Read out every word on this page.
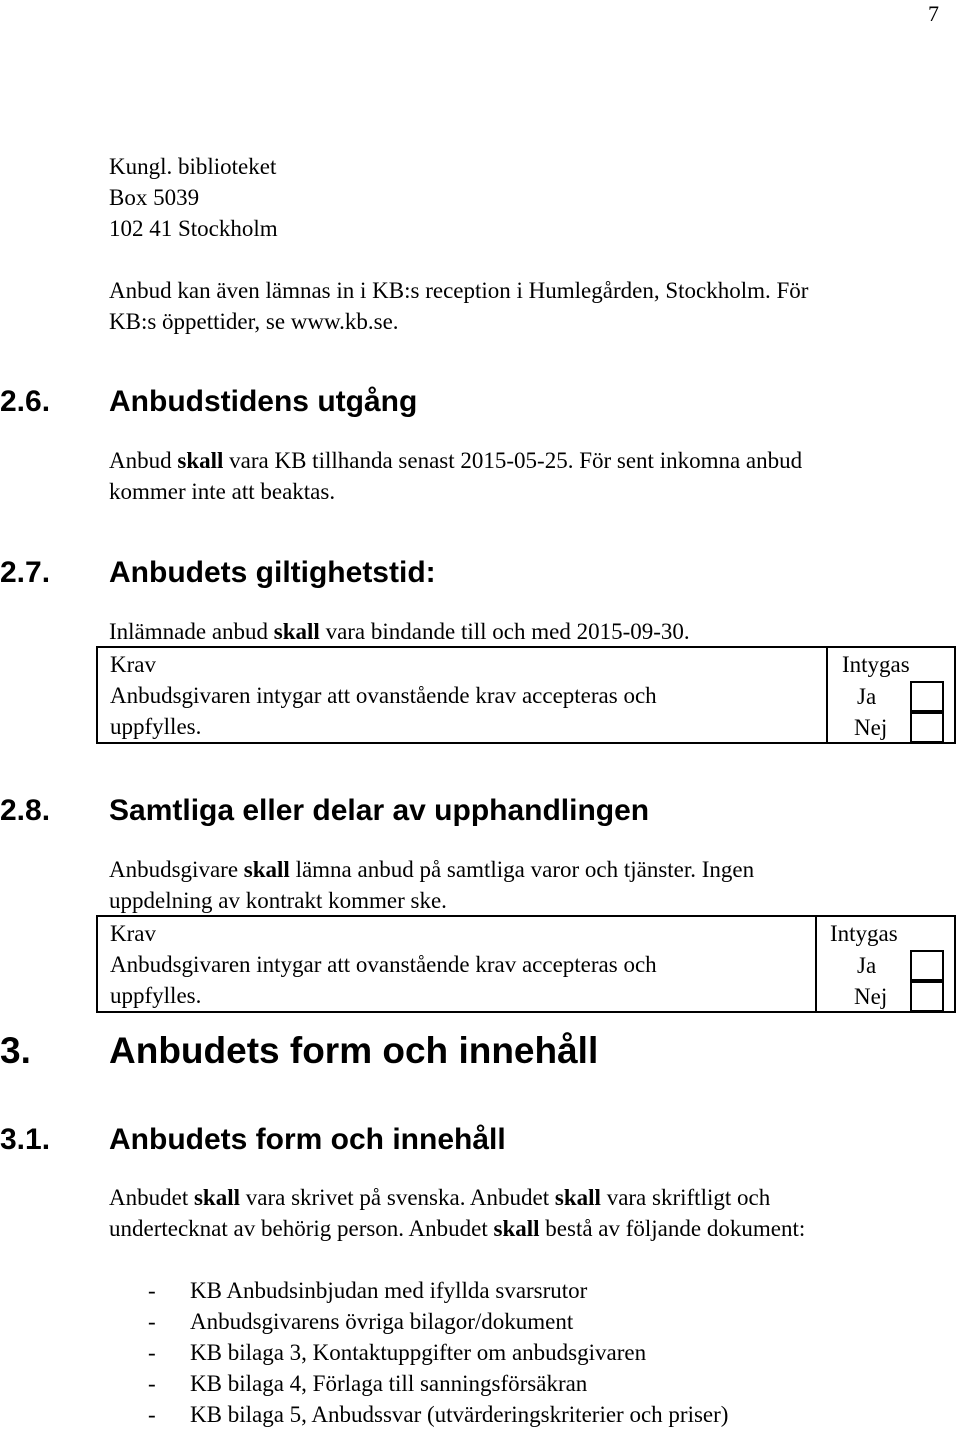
7
Kungl. biblioteket
Box 5039
102 41 Stockholm
Anbud kan även lämnas in i KB:s reception i Humlegården, Stockholm. För
KB:s öppettider, se www.kb.se.
2.6. Anbudstidens utgång
Anbud skall vara KB tillhanda senast 2015-05-25. För sent inkomna anbud
kommer inte att beaktas.
2.7. Anbudets giltighetstid:
Inlämnade anbud skall vara bindande till och med 2015-09-30.
Krav
Anbudsgivaren intygar att ovanstående krav accepteras och
uppfylles.
Intygas
Ja
Nej
2.8. Samtliga eller delar av upphandlingen
Anbudsgivare skall lämna anbud på samtliga varor och tjänster. Ingen
uppdelning av kontrakt kommer ske.
Krav
Anbudsgivaren intygar att ovanstående krav accepteras och
uppfylles.
Intygas
Ja
Nej
3. Anbudets form och innehåll
3.1. Anbudets form och innehåll
Anbudet skall vara skrivet på svenska. Anbudet skall vara skriftligt och
undertecknat av behörig person. Anbudet skall bestå av följande dokument:
- KB Anbudsinbjudan med ifyllda svarsrutor
- Anbudsgivarens övriga bilagor/dokument
- KB bilaga 3, Kontaktuppgifter om anbudsgivaren
- KB bilaga 4, Förlaga till sanningsförsäkran
- KB bilaga 5, Anbudssvar (utvärderingskriterier och priser)
